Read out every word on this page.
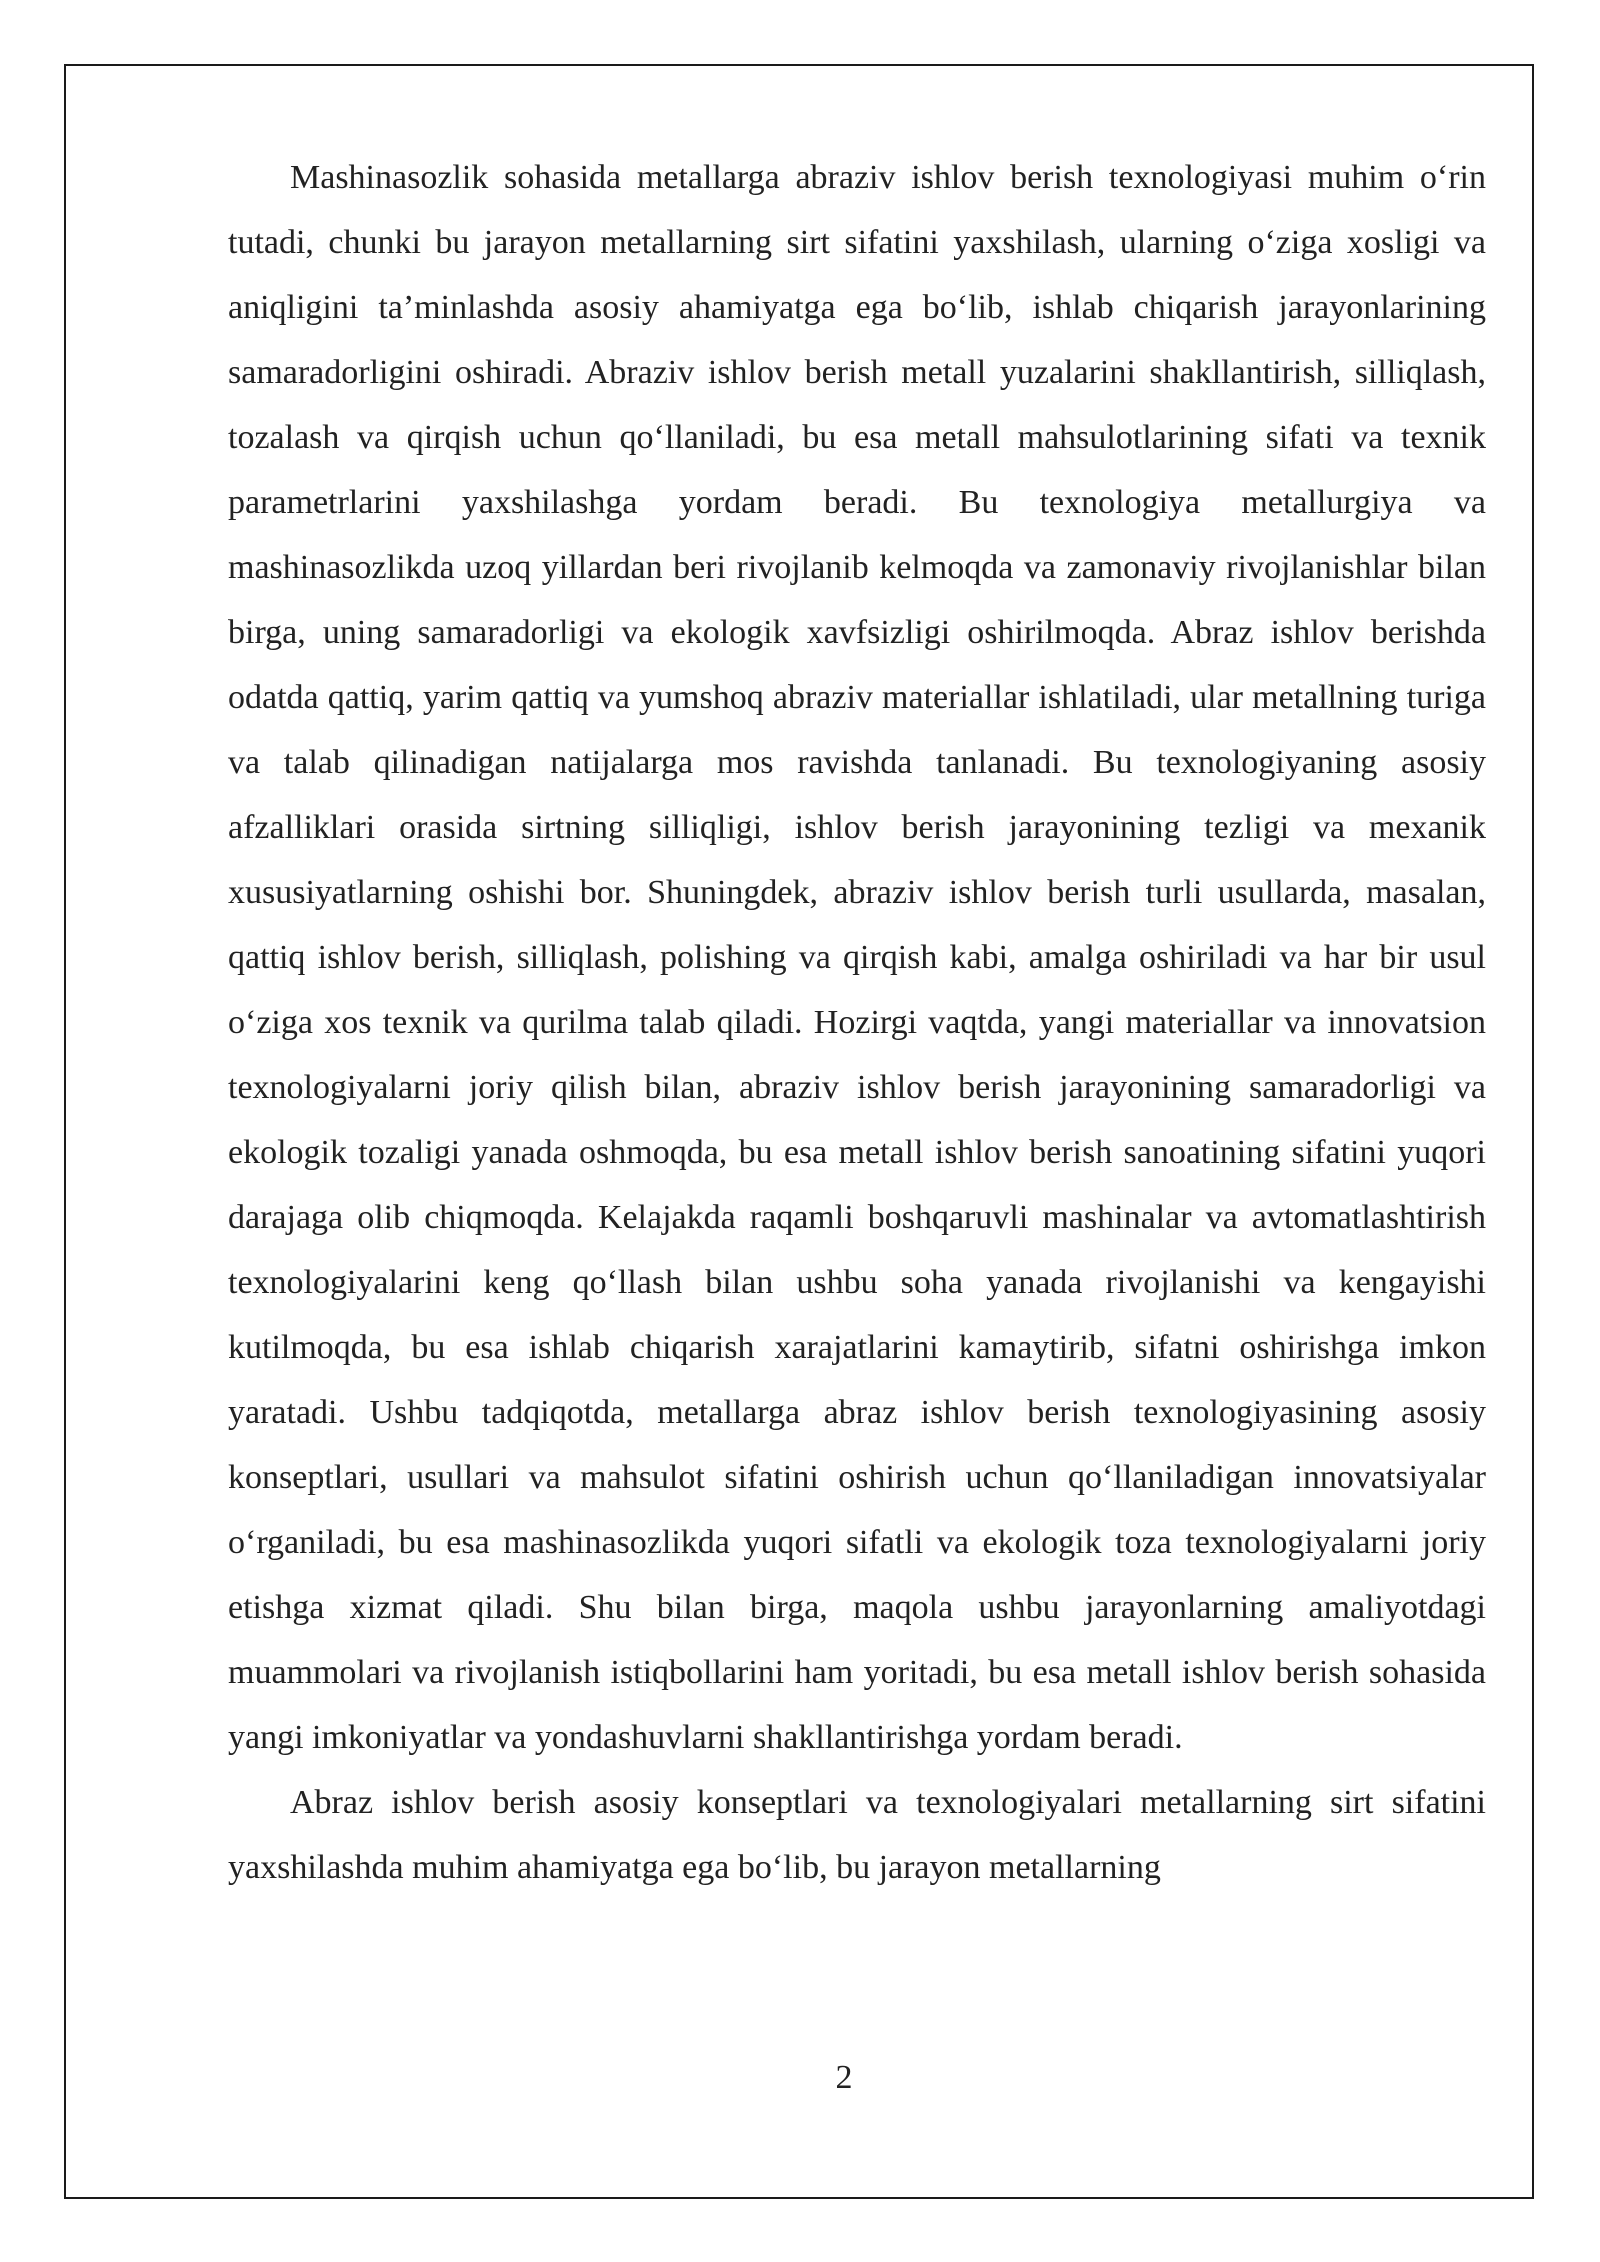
Mashinasozlik sohasida metallarga abraziv ishlov berish texnologiyasi muhim o‘rin tutadi, chunki bu jarayon metallarning sirt sifatini yaxshilash, ularning o‘ziga xosligi va aniqligini ta’minlashda asosiy ahamiyatga ega bo‘lib, ishlab chiqarish jarayonlarining samaradorligini oshiradi. Abraziv ishlov berish metall yuzalarini shakllantirish, silliqlash, tozalash va qirqish uchun qo‘llaniladi, bu esa metall mahsulotlarining sifati va texnik parametrlarini yaxshilashga yordam beradi. Bu texnologiya metallurgiya va mashinasozlikda uzoq yillardan beri rivojlanib kelmoqda va zamonaviy rivojlanishlar bilan birga, uning samaradorligi va ekologik xavfsizligi oshirilmoqda. Abraz ishlov berishda odatda qattiq, yarim qattiq va yumshoq abraziv materiallar ishlatiladi, ular metallning turiga va talab qilinadigan natijalarga mos ravishda tanlanadi. Bu texnologiyaning asosiy afzalliklari orasida sirtning silliqligi, ishlov berish jarayonining tezligi va mexanik xususiyatlarning oshishi bor. Shuningdek, abraziv ishlov berish turli usullarda, masalan, qattiq ishlov berish, silliqlash, polishing va qirqish kabi, amalga oshiriladi va har bir usul o‘ziga xos texnik va qurilma talab qiladi. Hozirgi vaqtda, yangi materiallar va innovatsion texnologiyalarni joriy qilish bilan, abraziv ishlov berish jarayonining samaradorligi va ekologik tozaligi yanada oshmoqda, bu esa metall ishlov berish sanoatining sifatini yuqori darajaga olib chiqmoqda. Kelajakda raqamli boshqaruvli mashinalar va avtomatlashtirish texnologiyalarini keng qo‘llash bilan ushbu soha yanada rivojlanishi va kengayishi kutilmoqda, bu esa ishlab chiqarish xarajatlarini kamaytirib, sifatni oshirishga imkon yaratadi. Ushbu tadqiqotda, metallarga abraz ishlov berish texnologiyasining asosiy konseptlari, usullari va mahsulot sifatini oshirish uchun qo‘llaniladigan innovatsiyalar o‘rganiladi, bu esa mashinasozlikda yuqori sifatli va ekologik toza texnologiyalarni joriy etishga xizmat qiladi. Shu bilan birga, maqola ushbu jarayonlarning amaliyotdagi muammolari va rivojlanish istiqbollarini ham yoritadi, bu esa metall ishlov berish sohasida yangi imkoniyatlar va yondashuvlarni shakllantirishga yordam beradi.

Abraz ishlov berish asosiy konseptlari va texnologiyalari metallarning sirt sifatini yaxshilashda muhim ahamiyatga ega bo‘lib, bu jarayon metallarning

2
